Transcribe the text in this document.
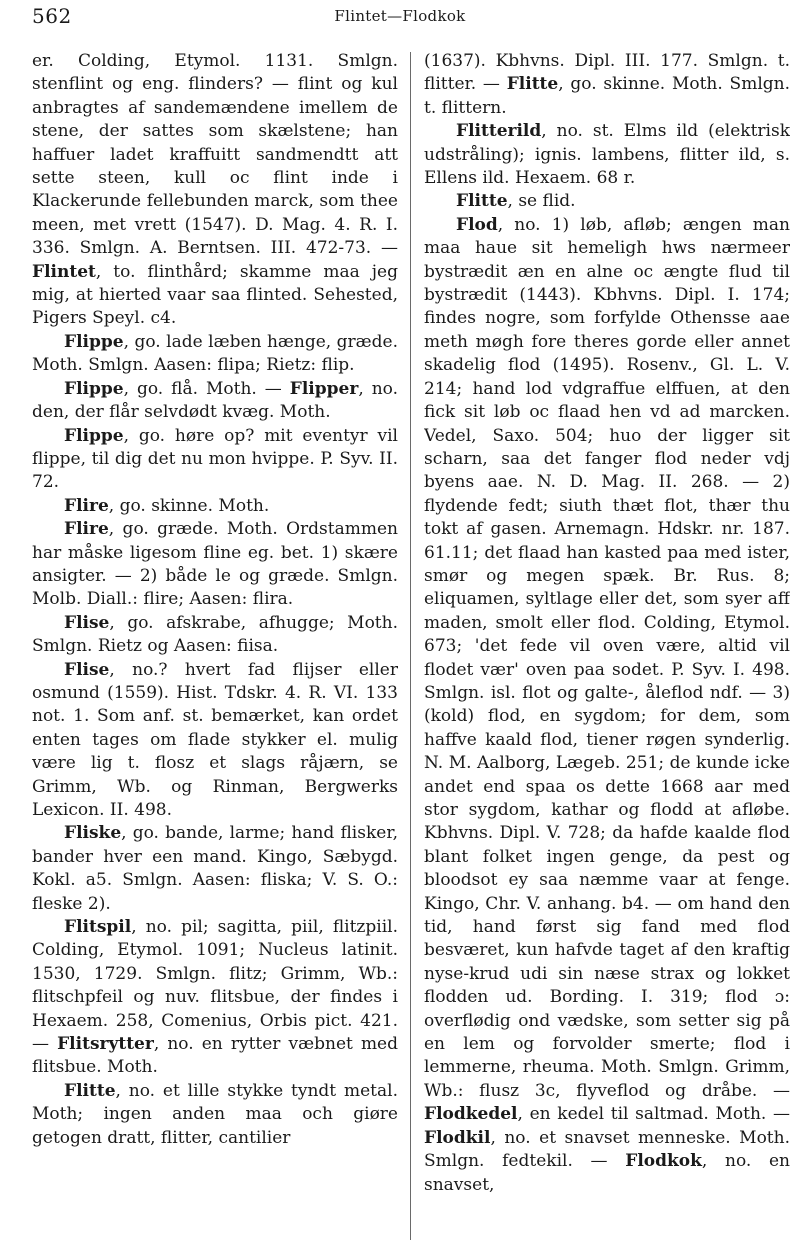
562	Flintet—Flodkok

er. Colding, Etymol. 1131. Smlgn. stenflint og eng. flinders? — flint og kul anbragtes af sandemændene imellem de stene, der sattes som skælstene; han haffuer ladet kraffuitt sandmendtt att sette steen, kull oc flint inde i Klackerunde fellebunden marck, som thee meen, met vrett (1547). D. Mag. 4. R. I. 336. Smlgn. A. Berntsen. III. 472-73. — Flintet, to. flinthård; skamme maa jeg mig, at hierted vaar saa flinted. Sehested, Pigers Speyl. c4.

Flippe, go. lade læben hænge, græde. Moth. Smlgn. Aasen: flipa; Rietz: flip.

Flippe, go. flå. Moth. — Flipper, no. den, der flår selvdødt kvæg. Moth.

Flippe, go. høre op? mit eventyr vil flippe, til dig det nu mon hvippe. P. Syv. II. 72.

Flire, go. skinne. Moth.

Flire, go. græde. Moth. Ordstammen har måske ligesom fline eg. bet. 1) skære ansigter. — 2) både le og græde. Smlgn. Molb. Diall.: flire; Aasen: flira.

Flise, go. afskrabe, afhugge; Moth. Smlgn. Rietz og Aasen: fiisa.

Flise, no.? hvert fad flijser eller osmund (1559). Hist. Tdskr. 4. R. VI. 133 not. 1. Som anf. st. bemærket, kan ordet enten tages om flade stykker el. mulig være lig t. flosz et slags råjærn, se Grimm, Wb. og Rinman, Bergwerks Lexicon. II. 498.

Fliske, go. bande, larme; hand flisker, bander hver een mand. Kingo, Sæbygd. Kokl. a5. Smlgn. Aasen: fliska; V. S. O.: fleske 2).

Flitspil, no. pil; sagitta, piil, flitzpiil. Colding, Etymol. 1091; Nucleus latinit. 1530, 1729. Smlgn. flitz; Grimm, Wb.: flitschpfeil og nuv. flitsbue, der findes i Hexaem. 258, Comenius, Orbis pict. 421. — Flitsrytter, no. en rytter væbnet med flitsbue. Moth.

Flitte, no. et lille stykke tyndt metal. Moth; ingen anden maa och giøre getogen dratt, flitter, cantilier

(1637). Kbhvns. Dipl. III. 177. Smlgn. t. flitter. — Flitte, go. skinne. Moth. Smlgn. t. flittern.

Flitterild, no. st. Elms ild (elektrisk udstråling); ignis. lambens, flitter ild, s. Ellens ild. Hexaem. 68 r.

Flitte, se flid.

Flod, no. 1) løb, afløb; ængen man maa haue sit hemeligh hws nærmeer bystrædit æn en alne oc ængte flud til bystrædit (1443). Kbhvns. Dipl. I. 174; findes nogre, som forfylde Othenssе aae meth møgh fore theres gorde eller annet skadelig flod (1495). Rosenv., Gl. L. V. 214; hand lod vdgraffue elffuen, at den fick sit løb oc flaad hen vd ad marcken. Vedel, Saxo. 504; huo der ligger sit scharn, saa det fanger flod neder vdj byens aae. N. D. Mag. II. 268. — 2) flydende fedt; siuth thæt flot, thær thu tokt af gasen. Arnemagn. Hdskr. nr. 187. 61.11; det flaad han kasted paa med ister, smør og megen spæk. Br. Rus. 8; eliquamen, syltlage eller det, som syer aff maden, smolt eller flod. Colding, Etymol. 673; 'det fede vil oven være, altid vil flodet vær' oven paa sodet. P. Syv. I. 498. Smlgn. isl. flot og galte-, åleflod ndf. — 3) (kold) flod, en sygdom; for dem, som haffve kaald flod, tiener røgen synderlig. N. M. Aalborg, Lægeb. 251; de kunde icke andet end spaa os dette 1668 aar med stor sygdom, kathar og flodd at afløbe. Kbhvns. Dipl. V. 728; da hafde kaalde flod blant folket ingen genge, da pest og bloodsot ey saa næmme vaar at fenge. Kingo, Chr. V. anhang. b4. — om hand den tid, hand først sig fand med flod besværet, kun hafvde taget af den kraftig nyse-krud udi sin næse strax og lokket flodden ud. Bording. I. 319; flod ɔ: overflødig ond vædske, som setter sig på en lem og forvolder smerte; flod i lemmerne, rheuma. Moth. Smlgn. Grimm, Wb.: flusz 3c, flyveflod og dråbe. — Flodkedel, en kedel til saltmad. Moth. — Flodkil, no. et snavset menneske. Moth. Smlgn. fedtekil. — Flodkok, no. en snavset,
